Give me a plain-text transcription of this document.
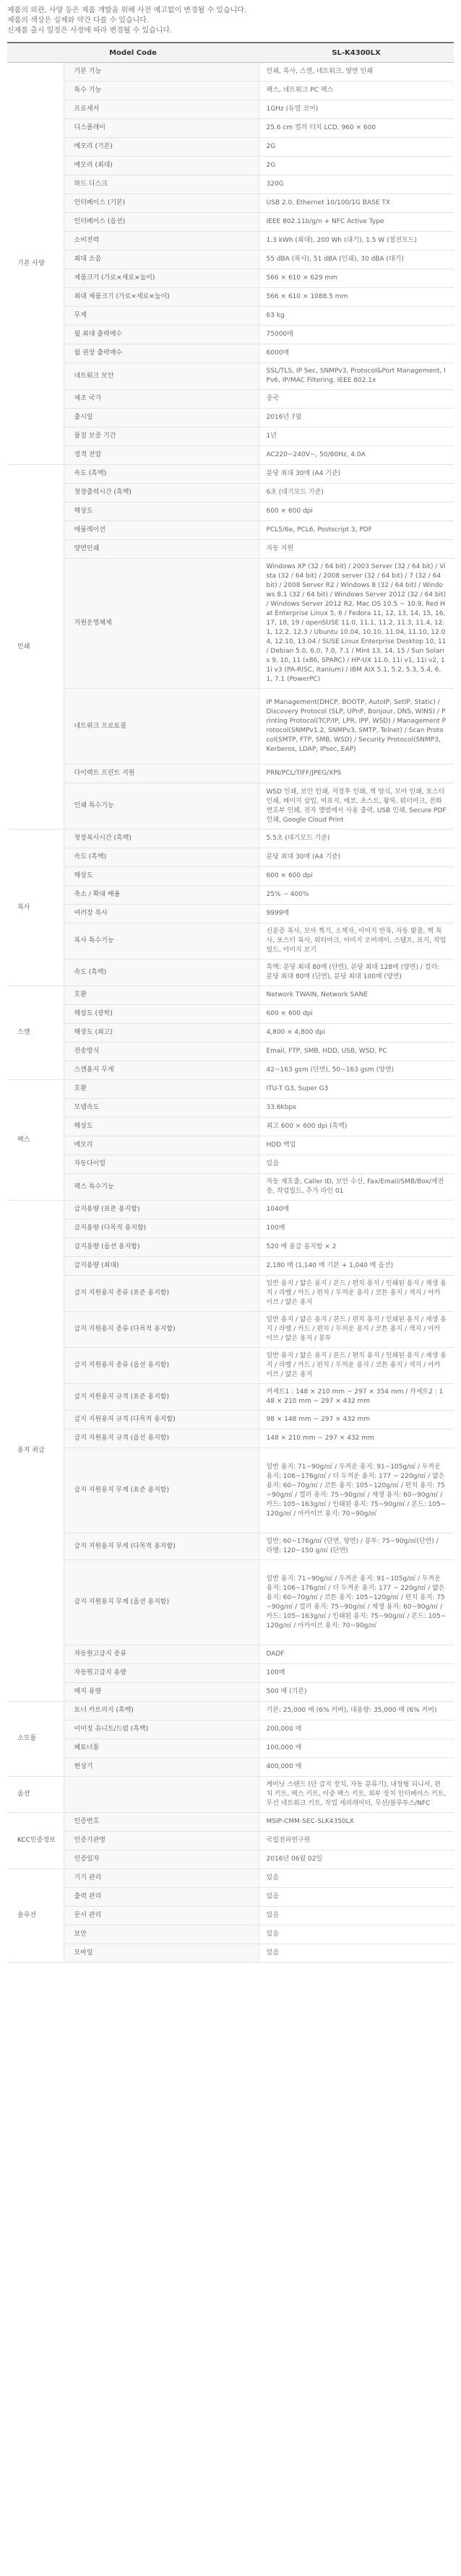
제품의 외관, 사양 등은 제품 개발을 위해 사전 예고없이 변경될 수 있습니다.
제품의 색상은 실제와 약간 다를 수 있습니다.
신제품 출시 일정은 사정에 따라 변경될 수 있습니다.
Model Code		SL-K4300LX
기본 사양	기본 기능	인쇄, 복사, 스캔, 네트워크, 양면 인쇄
	특수 기능	팩스, 네트워크 PC 팩스
	프로세서	1GHz (듀얼 코어)
	디스플레이	25.6 cm 컬러 터치 LCD, 960 × 600
	메모리 (기본)	2G
	메모리 (최대)	2G
	하드 디스크	320G
	인터페이스 (기본)	USB 2.0, Ethernet 10/100/1G BASE TX
	인터페이스 (옵션)	IEEE 802.11b/g/n + NFC Active Type
	소비전력	1.3 kWh (최대), 200 Wh (대기), 1.5 W (절전모드)
	최대 소음	55 dBA (복사), 51 dBA (인쇄), 30 dBA (대기)
	제품크기 (가로×세로×높이)	566 × 610 × 629 mm
	최대 제품크기 (가로×세로×높이)	566 × 610 × 1088.5 mm
	무게	63 kg
	월 최대 출력매수	75000매
	월 권장 출력매수	6000매
	네트워크 보안	SSL/TLS, IP Sec, SNMPv3, Protocol&Port Management, IPv6, IP/MAC Filtering, IEEE 802.1x
	제조 국가	중국
	출시일	2016년 7월
	품질 보증 기간	1년
	정격 전압	AC220~240V~, 50/60Hz, 4.0A
인쇄	속도 (흑백)	분당 최대 30매 (A4 기준)
	첫장출력시간 (흑백)	6초 (대기모드 기준)
	해상도	600 × 600 dpi
	에뮬레이션	PCL5/6e, PCL6, Postscript 3, PDF
	양면인쇄	자동 지원
	지원운영체제	Windows XP (32 / 64 bit) / 2003 Server (32 / 64 bit) / Vista (32 / 64 bit) / 2008 server (32 / 64 bit) / 7 (32 / 64 bit) / 2008 Server R2 / Windows 8 (32 / 64 bit) / Windows 8.1 (32 / 64 bit) / Windows Server 2012 (32 / 64 bit) / Windows Server 2012 R2, Mac OS 10.5 ~ 10.9, Red Hat Enterprise Linux 5, 6 / Fedora 11, 12, 13, 14, 15, 16, 17, 18, 19 / openSUSE 11.0, 11.1, 11.2, 11.3, 11.4, 12.1, 12.2, 12.3 / Ubuntu 10.04, 10.10, 11.04, 11.10, 12.04, 12.10, 13.04 / SUSE Linux Enterprise Desktop 10, 11 / Debian 5.0, 6.0, 7.0, 7.1 / Mint 13, 14, 15 / Sun Solaris 9, 10, 11 (x86, SPARC) / HP-UX 11.0, 11i v1, 11i v2, 11i v3 (PA-RISC, Itanium) / IBM AIX 5.1, 5.2, 5.3, 5.4, 6.1, 7.1 (PowerPC)
	네트워크 프로토콜	IP Management(DHCP, BOOTP, AutoIP, SetIP, Static) / Discovery Protocol (SLP, UPnP, Bonjour, DNS, WINS) / Printing Protocol(TCP/IP, LPR, IPP, WSD) / Management Protocol(SNMPv1.2, SNMPv3, SMTP, Telnet) / Scan Protocol(SMTP, FTP, SMB, WSD) / Security Protocol(SNMP3, Kerberos, LDAP, IPsec, EAP)
	다이렉트 프린트 지원	PRN/PCL/TIFF/JPEG/XPS
	인쇄 특수기능	WSD 인쇄, 보안 인쇄, 저장후 인쇄, 책 양식, 모아 인쇄, 포스터 인쇄, 페이지 삽입, 비표지, 에코, 초스트, 왕뚝, 워터마크, 전화번호부 인쇄, 전자 앨범에서 사용 출력, USB 인쇄, Secure PDF 인쇄, Google Cloud Print
복사	첫장복사시간 (흑백)	5.5초 (대기모드 기준)
	속도 (흑백)	분당 최대 30매 (A4 기준)
	해상도	600 × 600 dpi
	축소 / 확대 배율	25% ~ 400%
	여러장 복사	9999매
	복사 특수기능	신분증 복사, 모아 찍기, 소책자, 이미지 반복, 자동 맞춤, 책 복사, 포스터 복사, 워터마크, 이미지 오버레이, 스탬프, 표지, 작업 빌드, 이미지 보기
	속도 (흑백)	흑백: 분당 최대 80매 (단면), 분당 최대 128매 (양면) / 컬러: 분당 최대 80매 (단면), 분당 최대 100매 (양면)
스캔	호환	Network TWAIN, Network SANE
	해상도 (광학)	600 × 600 dpi
	해상도 (최고)	4,800 × 4,800 dpi
	전송방식	Email, FTP, SMB, HDD, USB, WSD, PC
	스캔용지 무게	42~163 gsm (단면), 50~163 gsm (양면)
팩스	호환	ITU-T G3, Super G3
	모뎀속도	33.6kbps
	해상도	최고 600 × 600 dpi (흑백)
	메모리	HDD 백업
	자동다이얼	있음
	팩스 특수기능	자동 재호출, Caller ID, 보안 수신, Fax/Email/SMB/Box/재전송, 작업빌드, 추가 라인 01
용지 취급	급지용량 (표준 용지함)	1040매
	급지용량 (다목적 용지함)	100매
	급지용량 (옵션 용지함)	520 매 용급 용지함 × 2
	급지용량 (최대)	2,180 매 (1,140 매 기본 + 1,040 매 옵션)
	급지 지원용지 종류 (표준 용지함)	일반 용지 / 얇은 용지 / 본드 / 편치 용지 / 인쇄된 용지 / 재생 용지 / 라벨 / 카드 / 편치 / 두꺼운 용지 / 코튼 용지 / 색지 / 아카이브 / 얇은 용지
	급지 지원용지 종류 (다목적 용지함)	일반 용지 / 얇은 용지 / 본드 / 편치 용지 / 인쇄된 용지 / 재생 용지 / 라벨 / 카드 / 편치 / 두꺼운 용지 / 코튼 용지 / 색지 / 아카이브 / 얇은 용지 / 봉투
	급지 지원용지 종류 (옵션 용지함)	일반 용지 / 얇은 용지 / 본드 / 편치 용지 / 인쇄된 용지 / 재생 용지 / 라벨 / 카드 / 편치 / 두꺼운 용지 / 코튼 용지 / 색지 / 아카이브 / 얇은 용지
	급지 지원용지 규격 (표준 용지함)	커세트1 : 148 × 210 mm ~ 297 × 354 mm / 카세트2 : 148 × 210 mm ~ 297 × 432 mm
	급지 지원용지 규격 (다목적 용지함)	98 × 148 mm ~ 297 × 432 mm
	급지 지원용지 규격 (옵션 용지함)	148 × 210 mm ~ 297 × 432 mm
	급지 지원용지 무게 (표준 용지함)	일반 용지: 71~90g/㎡ / 두꺼운 용지: 91~105g/㎡ / 두꺼운 용지: 106~176g/㎡ / 더 두꺼운 용지: 177 ~ 220g/㎡ / 얇은 용지: 60~70g/㎡ / 코튼 용지: 105~120g/㎡ / 편치 용지: 75~90g/㎡ / 컬러 용지: 75~90g/㎡ / 재생 용지: 60~90g/㎡ / 카드: 105~163g/㎡ / 인쇄된 용지: 75~90g/㎡ / 본드: 105~120g/㎡ / 아카이브 용지: 70~90g/㎡
	급지 지원용지 무게 (다목적 용지함)	일반: 60~176g/㎡ (단면, 양면) / 봉투: 75~90g/㎡(단면) / 라벨: 120~150 g/㎡ (단면)
	급지 지원용지 무게 (옵션 용지함)	일반 용지: 71~90g/㎡ / 두꺼운 용지: 91~105g/㎡ / 두꺼운 용지: 106~176g/㎡ / 더 두꺼운 용지: 177 ~ 220g/㎡ / 얇은 용지: 60~70g/㎡ / 코튼 용지: 105~120g/㎡ / 편치 용지: 75~90g/㎡ / 컬러 용지: 75~90g/㎡ / 재생 용지: 60~90g/㎡ / 카드: 105~163g/㎡ / 인쇄된 용지: 75~90g/㎡ / 본드: 105~120g/㎡ / 아카이브 용지: 70~90g/㎡
	자동원고급지 종류	DADF
	자동원고급지 용량	100매
	배지 용량	500 매 (기본)
소모품	토너 카트리지 (흑백)	기본: 25,000 매 (6% 커버), 대용량: 35,000 매 (6% 커버)
	이미징 유니트/드럼 (흑백)	200,000 매
	폐토너통	100,000 매
	현상기	400,000 매
옵션		케비닛 스탠드 (단 급지 장치, 자동 분류기), 내장형 피니셔, 편치 키트, 팩스 키트, 이중 팩스 키트, 외부 장치 인터페이스 키트, 무선 네트워크 키트, 작업 세퍼레이터, 무선/블루투스/NFC
KCC인증정보	인증번호	MSIP-CMM-SEC-SLK4350LX
	인증기관명	국립전파연구원
	인증일자	2016년 06월 02일
솔루션	기기 관리	있음
	출력 관리	있음
	문서 관리	있음
	보안	있음
	모바일	있음
